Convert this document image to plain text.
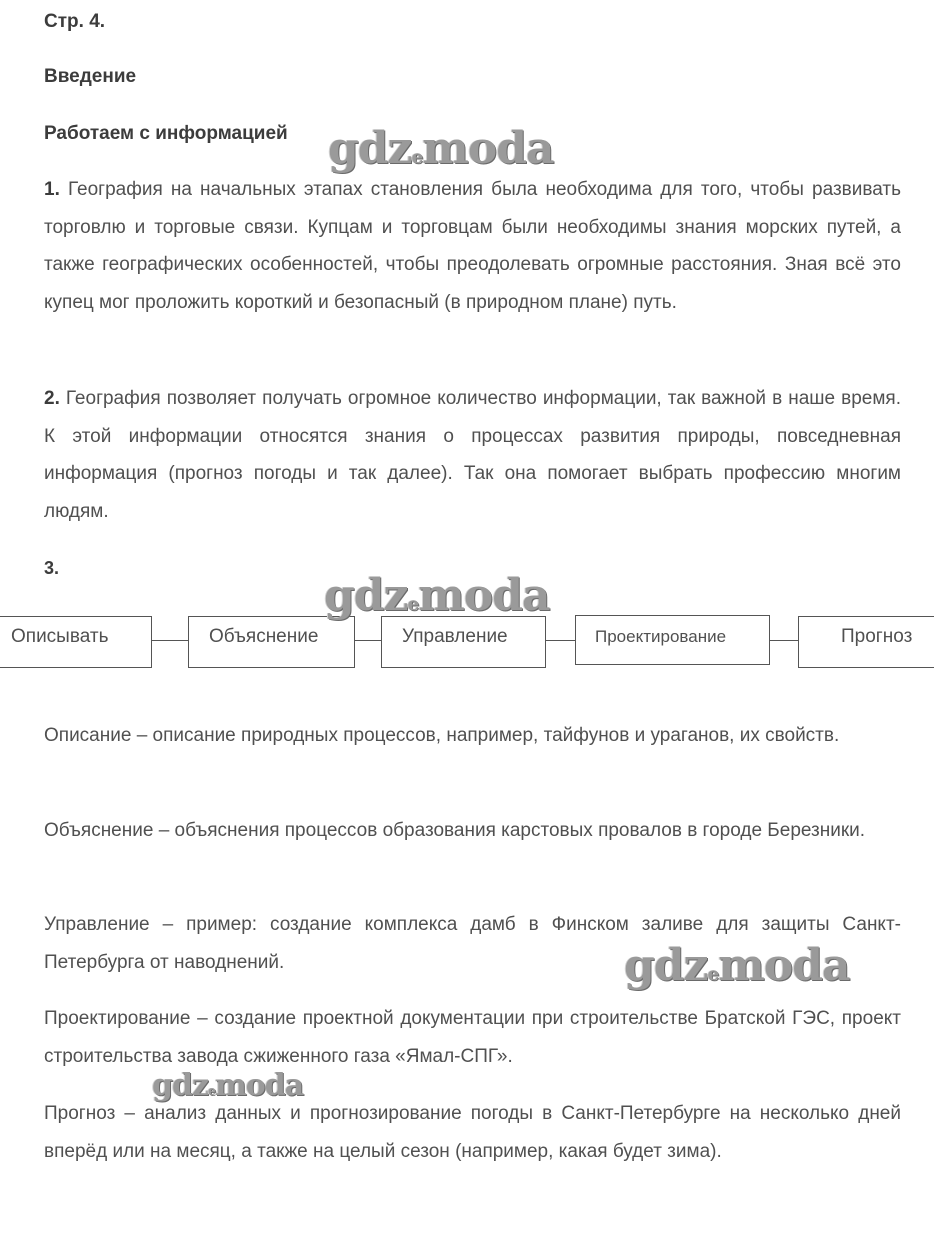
Стр. 4.
Введение
Работаем с информацией
1. География на начальных этапах становления была необходима для того, чтобы развивать торговлю и торговые связи. Купцам и торговцам были необходимы знания морских путей, а также географических особенностей, чтобы преодолевать огромные расстояния. Зная всё это купец мог проложить короткий и безопасный (в природном плане) путь.
2. География позволяет получать огромное количество информации, так важной в наше время. К этой информации относятся знания о процессах развития природы, повседневная информация (прогноз погоды и так далее). Так она помогает выбрать профессию многим людям.
3.
Описывать	Объяснение	Управление	Проектирование	Прогноз
Описание – описание природных процессов, например, тайфунов и ураганов, их свойств.
Объяснение – объяснения процессов образования карстовых провалов в городе Березники.
Управление – пример: создание комплекса дамб в Финском заливе для защиты Санкт-Петербурга от наводнений.
Проектирование – создание проектной документации при строительстве Братской ГЭС, проект строительства завода сжиженного газа «Ямал-СПГ».
Прогноз – анализ данных и прогнозирование погоды в Санкт-Петербурге на несколько дней вперёд или на месяц, а также на целый сезон (например, какая будет зима).
gdzemoda
gdzemoda
gdzemoda
gdzemoda
